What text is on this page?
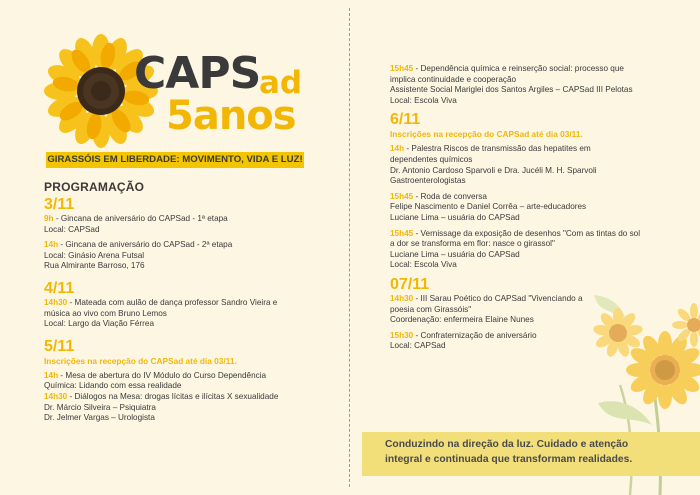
CAPS
ad
5anos
GIRASSÓIS EM LIBERDADE: MOVIMENTO, VIDA E LUZ!
PROGRAMAÇÃO
3/11
9h - Gincana de aniversário do CAPSad - 1ª etapa
Local: CAPSad
14h - Gincana de aniversário do CAPSad - 2ª etapa
Local: Ginásio Arena Futsal
Rua Almirante Barroso, 176
4/11
14h30 - Mateada com aulão de dança professor Sandro Vieira e
música ao vivo com Bruno Lemos
Local: Largo da Viação Férrea
5/11
Inscrições na recepção do CAPSad até dia 03/11.
14h - Mesa de abertura do IV Módulo do Curso Dependência
Química: Lidando com essa realidade
14h30 - Diálogos na Mesa: drogas lícitas e ilícitas X sexualidade
Dr. Márcio Silveira – Psiquiatra
Dr. Jelmer Vargas – Urologista
15h45 - Dependência química e reinserção social: processo que
implica continuidade e cooperação
Assistente Social Mariglei dos Santos Argiles – CAPSad III Pelotas
Local: Escola Viva
6/11
Inscrições na recepção do CAPSad até dia 03/11.
14h - Palestra Riscos de transmissão das hepatites em
dependentes químicos
Dr. Antonio Cardoso Sparvoli e Dra. Jucéli M. H. Sparvoli
Gastroenterologistas
15h45 - Roda de conversa
Felipe Nascimento e Daniel Corrêa – arte-educadores
Luciane Lima – usuária do CAPSad
15h45 - Vernissage da exposição de desenhos "Com as tintas do sol
a dor se transforma em flor: nasce o girassol"
Luciane Lima – usuária do CAPSad
Local: Escola Viva
07/11
14h30 - III Sarau Poético do CAPSad "Vivenciando a
poesia com Girassóis"
Coordenação: enfermeira Elaine Nunes
15h30 - Confraternização de aniversário
Local: CAPSad
Conduzindo na direção da luz. Cuidado e atenção
integral e continuada que transformam realidades.
